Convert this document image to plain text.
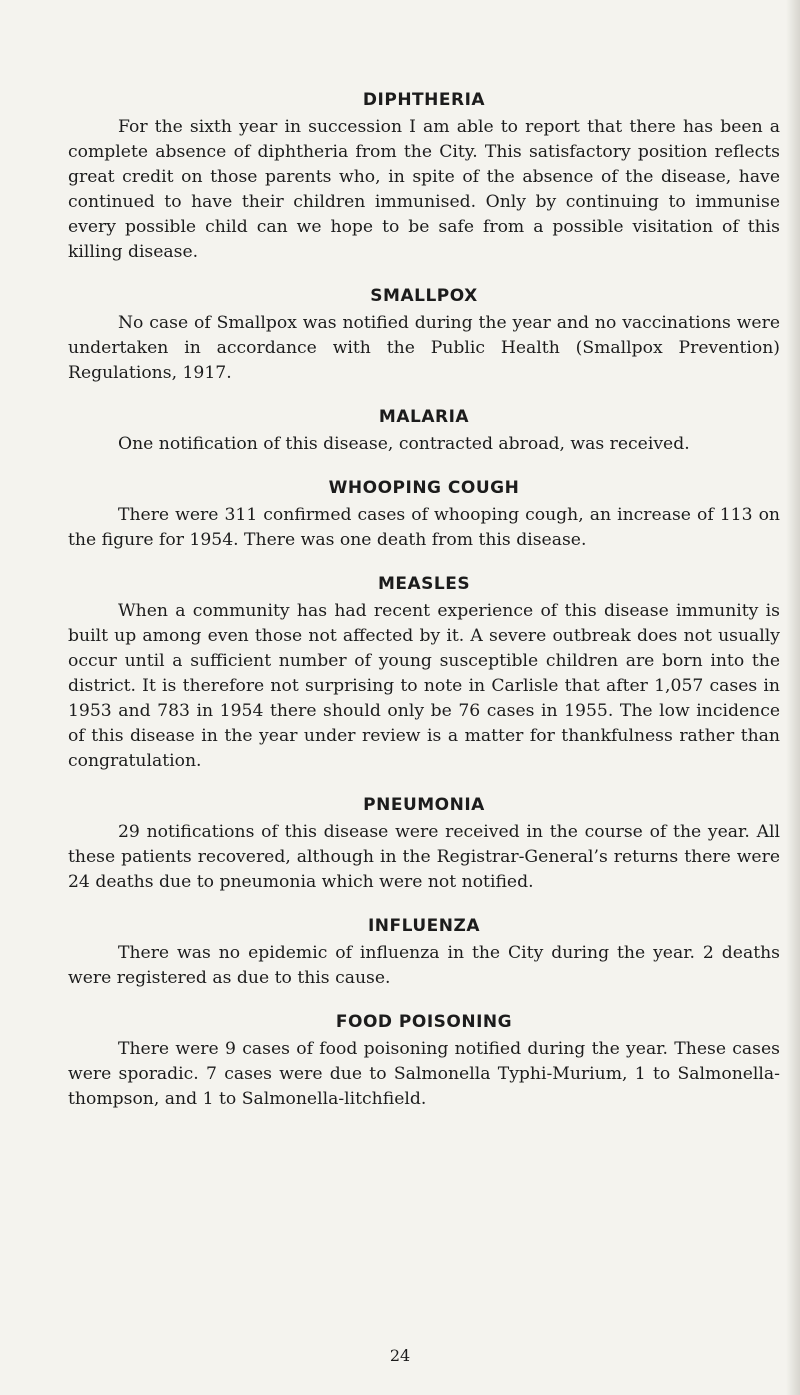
DIPHTHERIA

For the sixth year in succession I am able to report that there has been a complete absence of diphtheria from the City. This satisfactory position reflects great credit on those parents who, in spite of the absence of the disease, have continued to have their children immunised. Only by continuing to immunise every possible child can we hope to be safe from a possible visitation of this killing disease.

SMALLPOX

No case of Smallpox was notified during the year and no vaccinations were undertaken in accordance with the Public Health (Smallpox Prevention) Regulations, 1917.

MALARIA

One notification of this disease, contracted abroad, was received.

WHOOPING COUGH

There were 311 confirmed cases of whooping cough, an increase of 113 on the figure for 1954. There was one death from this disease.

MEASLES

When a community has had recent experience of this disease immunity is built up among even those not affected by it. A severe outbreak does not usually occur until a sufficient number of young susceptible children are born into the district. It is therefore not surprising to note in Carlisle that after 1,057 cases in 1953 and 783 in 1954 there should only be 76 cases in 1955. The low incidence of this disease in the year under review is a matter for thankfulness rather than congratulation.

PNEUMONIA

29 notifications of this disease were received in the course of the year. All these patients recovered, although in the Registrar-General’s returns there were 24 deaths due to pneumonia which were not notified.

INFLUENZA

There was no epidemic of influenza in the City during the year. 2 deaths were registered as due to this cause.

FOOD POISONING

There were 9 cases of food poisoning notified during the year. These cases were sporadic. 7 cases were due to Salmonella Typhi-Murium, 1 to Salmonella-thompson, and 1 to Salmonella-litchfield.

24
